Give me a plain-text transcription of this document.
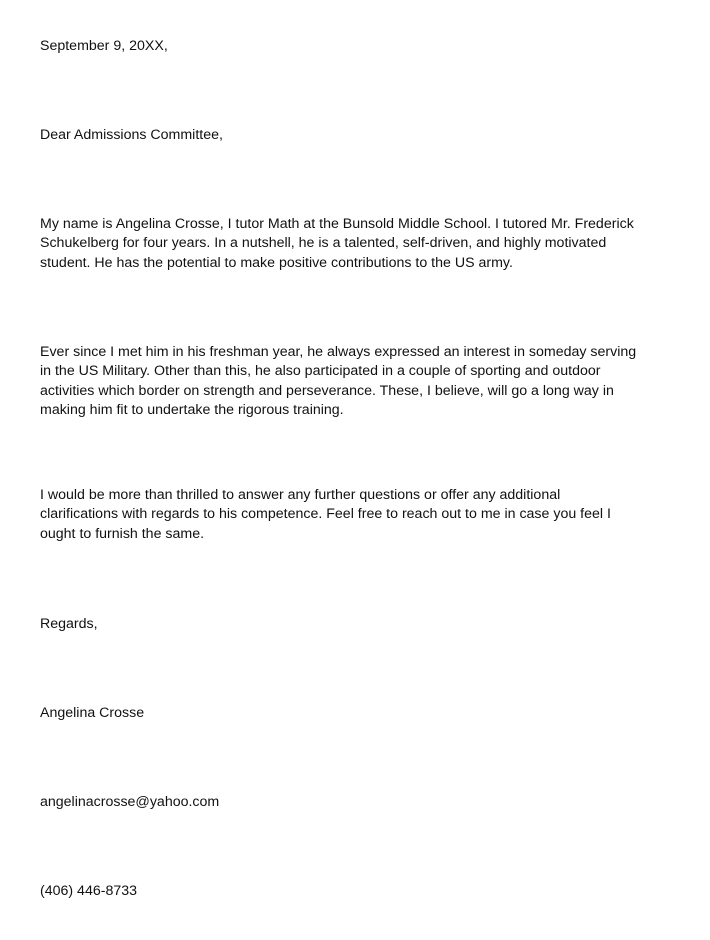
September 9, 20XX,
Dear Admissions Committee,
My name is Angelina Crosse, I tutor Math at the Bunsold Middle School. I tutored Mr. Frederick
Schukelberg for four years. In a nutshell, he is a talented, self-driven, and highly motivated
student. He has the potential to make positive contributions to the US army.
Ever since I met him in his freshman year, he always expressed an interest in someday serving
in the US Military. Other than this, he also participated in a couple of sporting and outdoor
activities which border on strength and perseverance. These, I believe, will go a long way in
making him fit to undertake the rigorous training.
I would be more than thrilled to answer any further questions or offer any additional
clarifications with regards to his competence. Feel free to reach out to me in case you feel I
ought to furnish the same.
Regards,
Angelina Crosse
angelinacrosse@yahoo.com
(406) 446-8733
